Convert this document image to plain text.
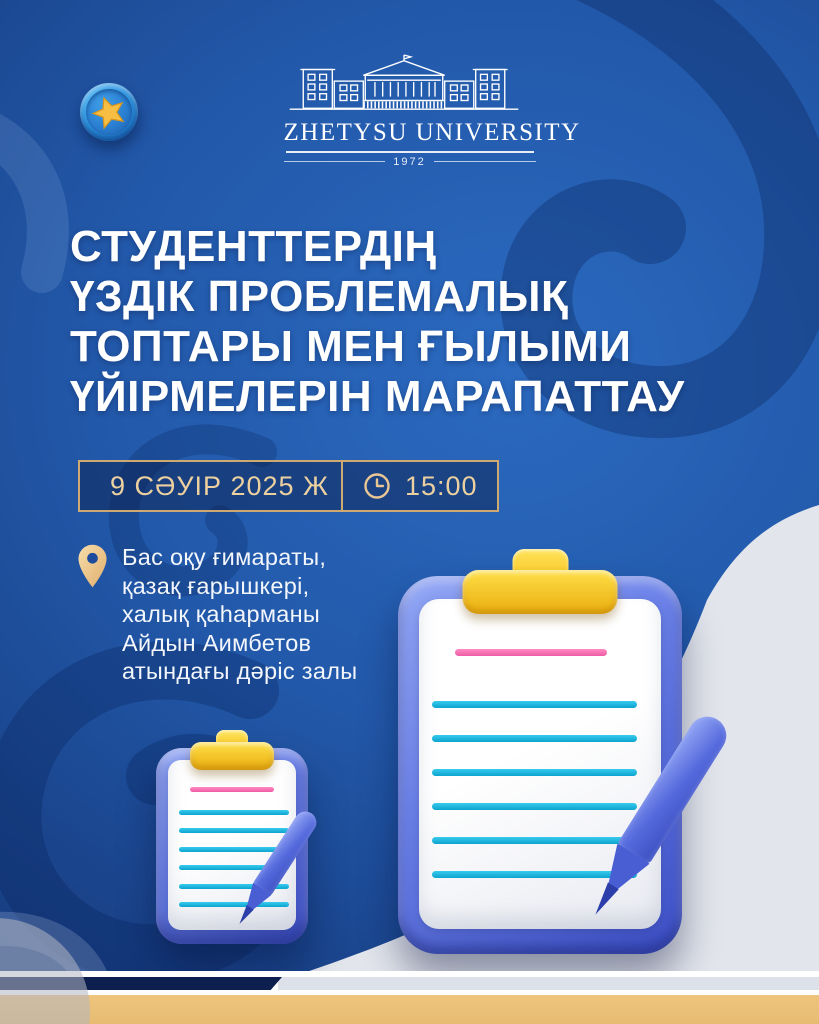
ZHETYSU UNIVERSITY
1972
СТУДЕНТТЕРДІҢ
ҮЗДІК ПРОБЛЕМАЛЫҚ
ТОПТАРЫ МЕН ҒЫЛЫМИ
ҮЙІРМЕЛЕРІН МАРАПАТТАУ
9 СӘУІР 2025 Ж	15:00
Бас оқу ғимараты,
қазақ ғарышкері,
халық қаһарманы
Айдын Аимбетов
атындағы дәріс залы
